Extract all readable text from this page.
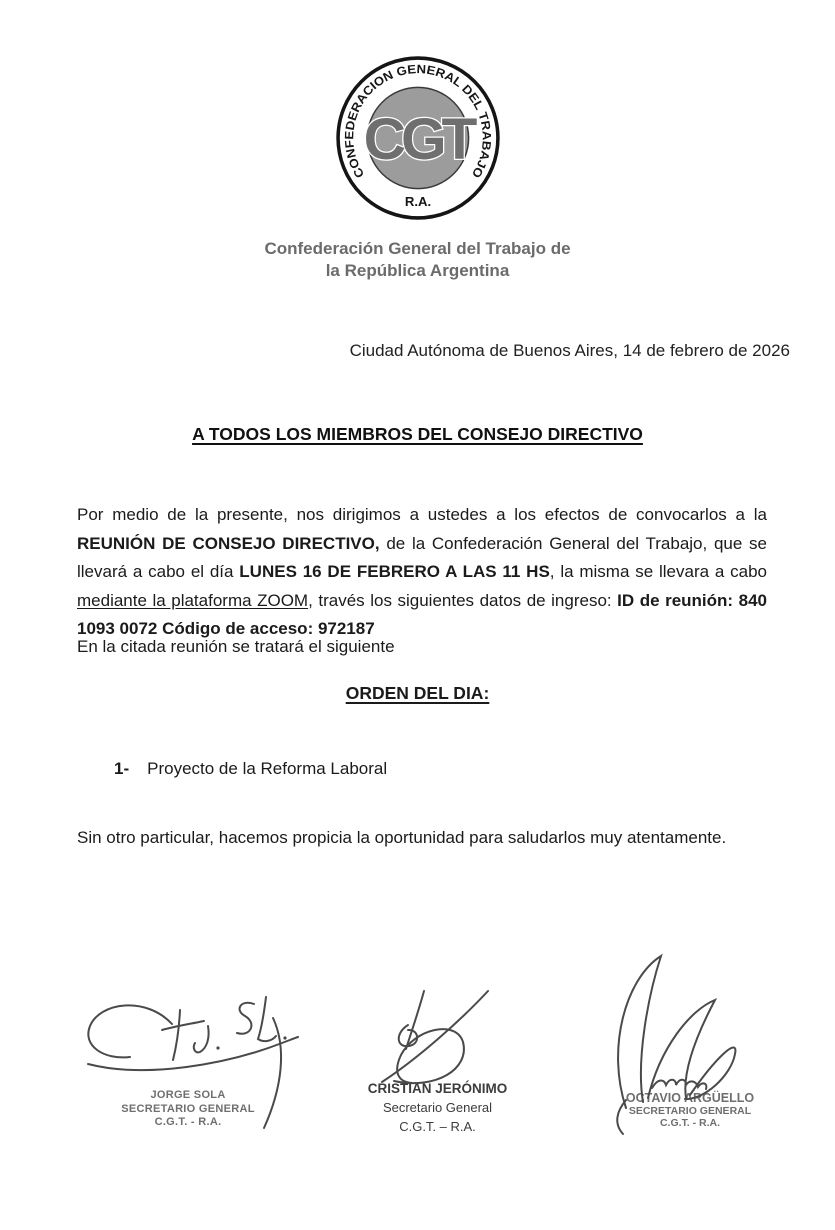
CONFEDERACION GENERAL DEL TRABAJO
R.A.
CGT
Confederación General del Trabajo de
la República Argentina
Ciudad Autónoma de Buenos Aires, 14 de febrero de 2026
A TODOS LOS MIEMBROS DEL CONSEJO DIRECTIVO

Por medio de la presente, nos dirigimos a ustedes a los efectos de convocarlos a la REUNIÓN DE CONSEJO DIRECTIVO, de la Confederación General del Trabajo, que se llevará a cabo el día LUNES 16 DE FEBRERO A LAS 11 HS, la misma se llevara a cabo mediante la plataforma ZOOM, través los siguientes datos de ingreso: ID de reunión: 840 1093 0072 Código de acceso: 972187

En la citada reunión se tratará el siguiente

ORDEN DEL DIA:
1- Proyecto de la Reforma Laboral

Sin otro particular, hacemos propicia la oportunidad para saludarlos muy atentamente.

JORGE SOLA
SECRETARIO GENERAL
C.G.T. - R.A.
CRISTIAN JERÓNIMO
Secretario General
C.G.T. – R.A.
OCTAVIO ARGÜELLO
SECRETARIO GENERAL
C.G.T. - R.A.
